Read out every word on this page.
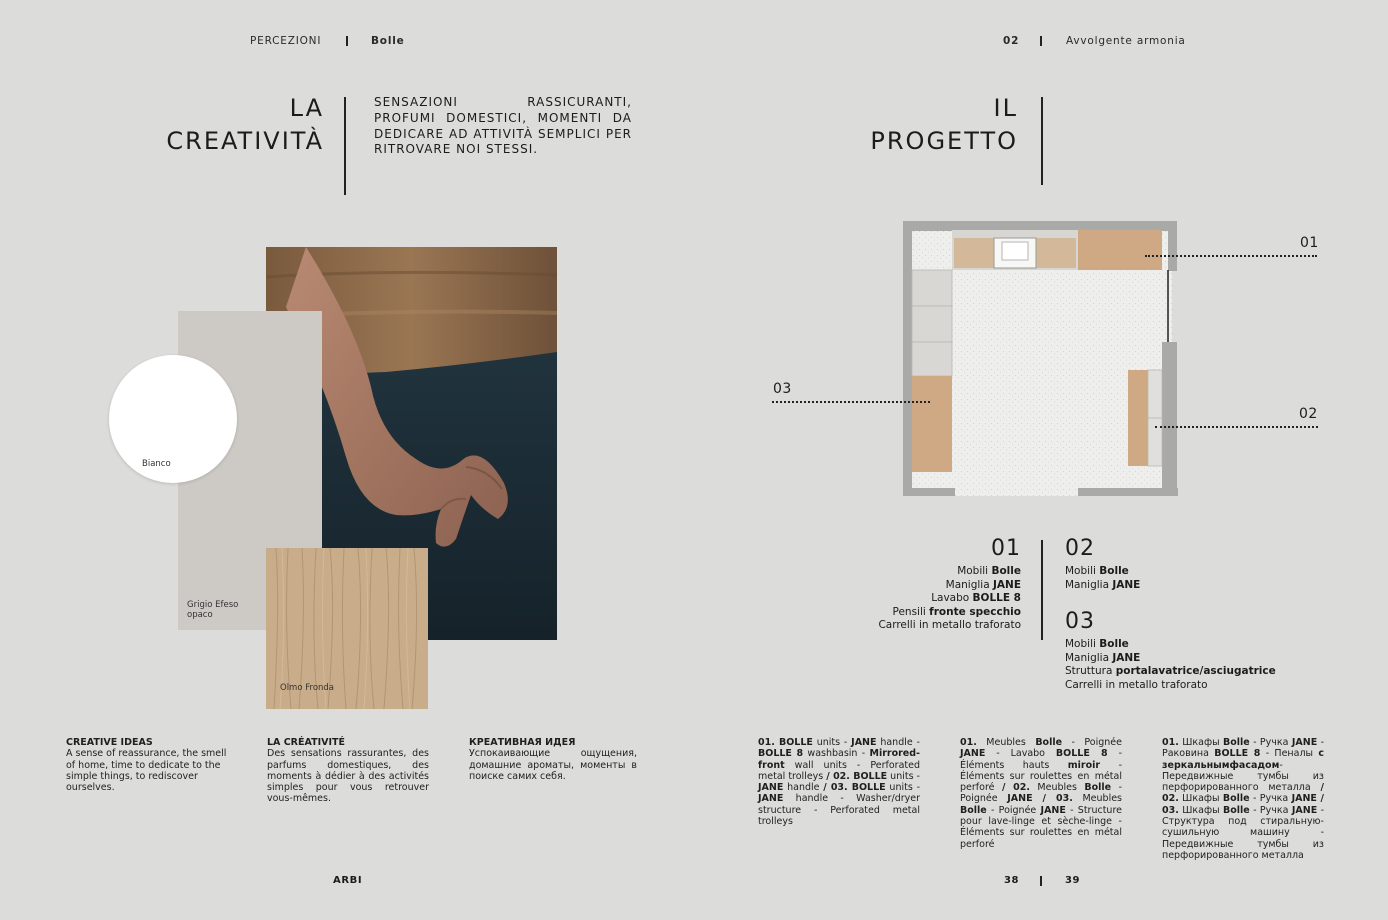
PERCEZIONI	Bolle
LA
CREATIVITÀ
SENSAZIONI RASSICURANTI, PROFUMI DOMESTICI, MOMENTI DA DEDICARE AD ATTIVITÀ SEMPLICI PER RITROVARE NOI STESSI.
Grigio Efeso
opaco
Bianco
Olmo Fronda
CREATIVE IDEAS
A sense of reassurance, the smell of home, time to dedicate to the simple things, to rediscover ourselves.
LA CRÉATIVITÉ
Des sensations rassurantes, des parfums domestiques, des moments à dédier à des activités simples pour vous retrouver vous-mêmes.
КРЕАТИВНАЯ ИДЕЯ
Успокаивающие ощущения, домашние ароматы, моменты в поиске самих себя.
ARBI
02	Avvolgente armonia
IL
PROGETTO
01
02
03
01
Mobili Bolle
Maniglia JANE
Lavabo BOLLE 8
Pensili fronte specchio
Carrelli in metallo traforato
02
Mobili Bolle
Maniglia JANE
03
Mobili Bolle
Maniglia JANE
Struttura portalavatrice/asciugatrice
Carrelli in metallo traforato
01. BOLLE units - JANE handle - BOLLE 8 washbasin - Mirrored-front wall units - Perforated metal trolleys / 02. BOLLE units - JANE handle / 03. BOLLE units - JANE handle - Washer/dryer structure - Perforated metal trolleys
01. Meubles Bolle - Poignée JANE - Lavabo BOLLE 8 - Éléments hauts miroir - Éléments sur roulettes en métal perforé / 02. Meubles Bolle - Poignée JANE / 03. Meubles Bolle - Poignée JANE - Structure pour lave-linge et sèche-linge - Éléments sur roulettes en métal perforé
01. Шкафы Bolle - Ручка JANE - Раковина BOLLE 8 - Пеналы с зеркальнымфасадом-Передвижные тумбы из перфорированного металла / 02. Шкафы Bolle - Ручка JANE / 03. Шкафы Bolle - Ручка JANE - Структура под стиральную-сушильную машину - Передвижные тумбы из перфорированного металла
38	39
